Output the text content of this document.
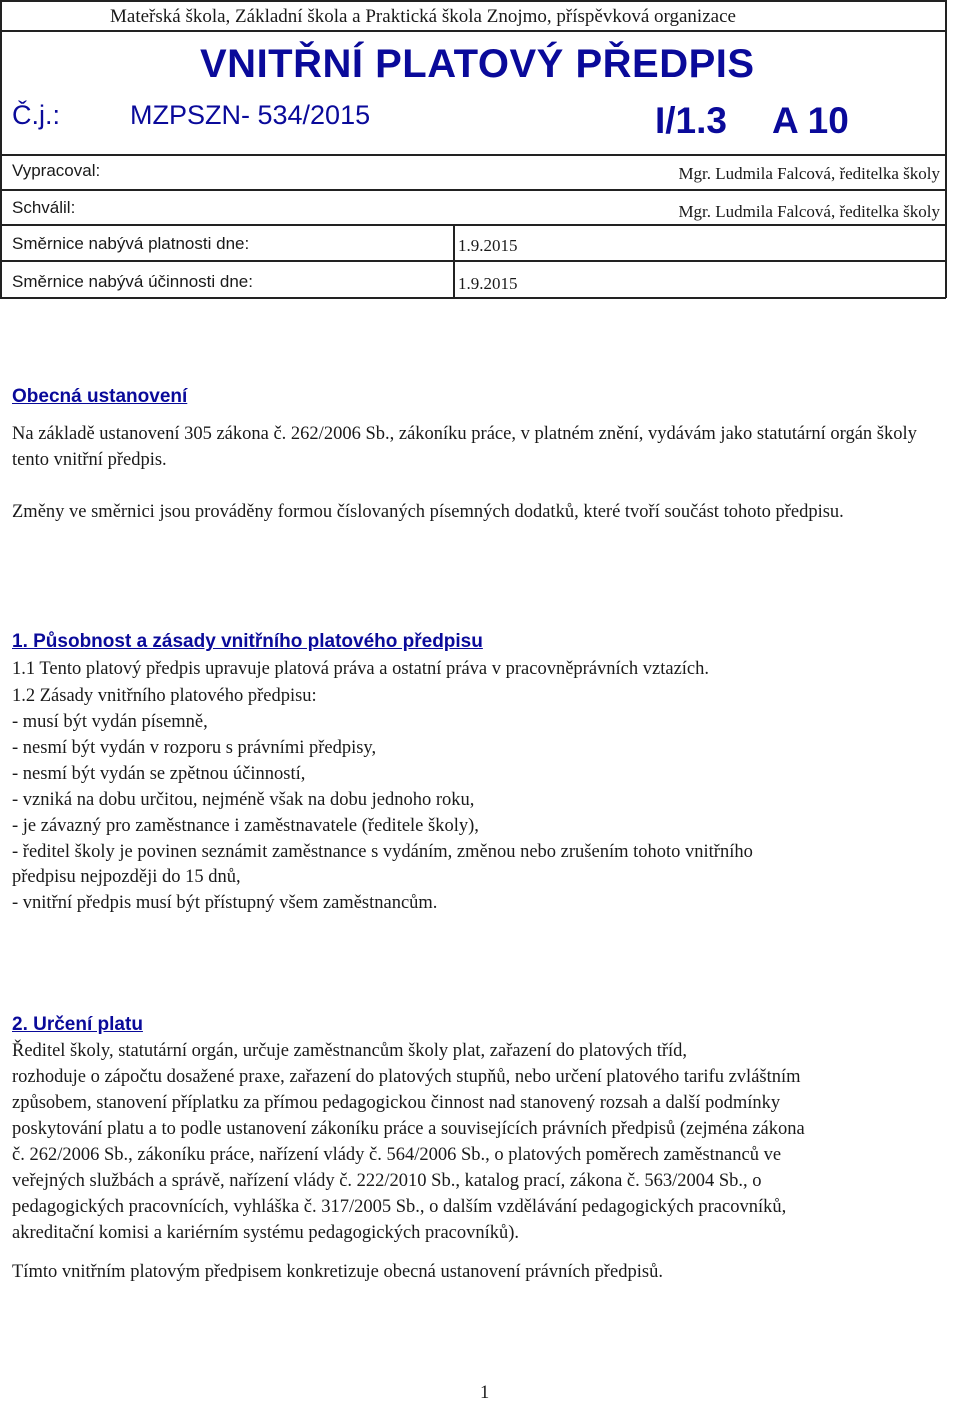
Mateřská škola, Základní škola a Praktická škola Znojmo, příspěvková organizace
VNITŘNÍ PLATOVÝ PŘEDPIS
Č.j.:	MZPSZN- 534/2015	I/1.3 A 10
Vypracoval:	Mgr. Ludmila Falcová, ředitelka školy
Schválil:	Mgr. Ludmila Falcová, ředitelka školy
Směrnice nabývá platnosti dne:	1.9.2015
Směrnice nabývá účinnosti dne:	1.9.2015
Obecná ustanovení
Na základě ustanovení 305 zákona č. 262/2006 Sb., zákoníku práce, v platném znění, vydávám jako statutární orgán školy tento vnitřní předpis.
Změny ve směrnici jsou prováděny formou číslovaných písemných dodatků, které tvoří součást tohoto předpisu.
1. Působnost a zásady vnitřního platového předpisu
1.1 Tento platový předpis upravuje platová práva a ostatní práva v pracovněprávních vztazích.
1.2 Zásady vnitřního platového předpisu:
- musí být vydán písemně,
- nesmí být vydán v rozporu s právními předpisy,
- nesmí být vydán se zpětnou účinností,
- vzniká na dobu určitou, nejméně však na dobu jednoho roku,
- je závazný pro zaměstnance i zaměstnavatele (ředitele školy),
- ředitel školy je povinen seznámit zaměstnance s vydáním, změnou nebo zrušením tohoto vnitřního
předpisu nejpozději do 15 dnů,
- vnitřní předpis musí být přístupný všem zaměstnancům.
2. Určení platu
Ředitel školy, statutární orgán, určuje zaměstnancům školy plat, zařazení do platových tříd,
rozhoduje o zápočtu dosažené praxe, zařazení do platových stupňů, nebo určení platového tarifu zvláštním
způsobem, stanovení příplatku za přímou pedagogickou činnost nad stanovený rozsah a další podmínky
poskytování platu a to podle ustanovení zákoníku práce a souvisejících právních předpisů (zejména zákona
č. 262/2006 Sb., zákoníku práce, nařízení vlády č. 564/2006 Sb., o platových poměrech zaměstnanců ve
veřejných službách a správě, nařízení vlády č. 222/2010 Sb., katalog prací, zákona č. 563/2004 Sb., o
pedagogických pracovnících, vyhláška č. 317/2005 Sb., o dalším vzdělávání pedagogických pracovníků,
akreditační komisi a kariérním systému pedagogických pracovníků).
Tímto vnitřním platovým předpisem konkretizuje obecná ustanovení právních předpisů.
1
